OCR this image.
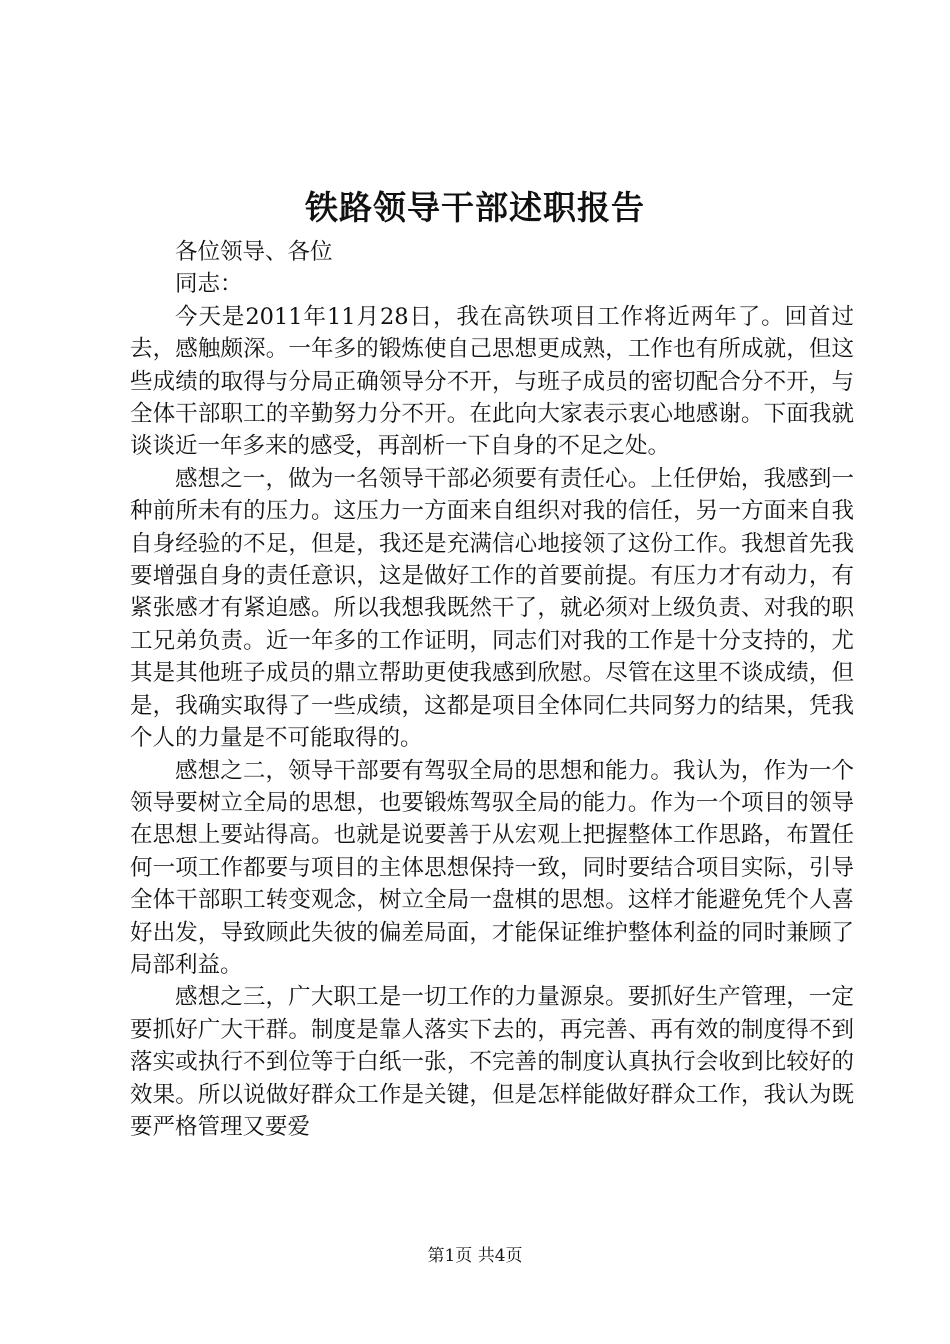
铁路领导干部述职报告

各位领导、各位

同志：

今天是2011年11月28日，我在高铁项目工作将近两年了。回首过去，感触颇深。一年多的锻炼使自己思想更成熟，工作也有所成就，但这些成绩的取得与分局正确领导分不开，与班子成员的密切配合分不开，与全体干部职工的辛勤努力分不开。在此向大家表示衷心地感谢。下面我就谈谈近一年多来的感受，再剖析一下自身的不足之处。

感想之一，做为一名领导干部必须要有责任心。上任伊始，我感到一种前所未有的压力。这压力一方面来自组织对我的信任，另一方面来自我自身经验的不足，但是，我还是充满信心地接领了这份工作。我想首先我要增强自身的责任意识，这是做好工作的首要前提。有压力才有动力，有紧张感才有紧迫感。所以我想我既然干了，就必须对上级负责、对我的职工兄弟负责。近一年多的工作证明，同志们对我的工作是十分支持的，尤其是其他班子成员的鼎立帮助更使我感到欣慰。尽管在这里不谈成绩，但是，我确实取得了一些成绩，这都是项目全体同仁共同努力的结果，凭我个人的力量是不可能取得的。

感想之二，领导干部要有驾驭全局的思想和能力。我认为，作为一个领导要树立全局的思想，也要锻炼驾驭全局的能力。作为一个项目的领导在思想上要站得高。也就是说要善于从宏观上把握整体工作思路，布置任何一项工作都要与项目的主体思想保持一致，同时要结合项目实际，引导全体干部职工转变观念，树立全局一盘棋的思想。这样才能避免凭个人喜好出发，导致顾此失彼的偏差局面，才能保证维护整体利益的同时兼顾了局部利益。

感想之三，广大职工是一切工作的力量源泉。要抓好生产管理，一定要抓好广大干群。制度是靠人落实下去的，再完善、再有效的制度得不到落实或执行不到位等于白纸一张，不完善的制度认真执行会收到比较好的效果。所以说做好群众工作是关键，但是怎样能做好群众工作，我认为既要严格管理又要爱

第1页 共4页
